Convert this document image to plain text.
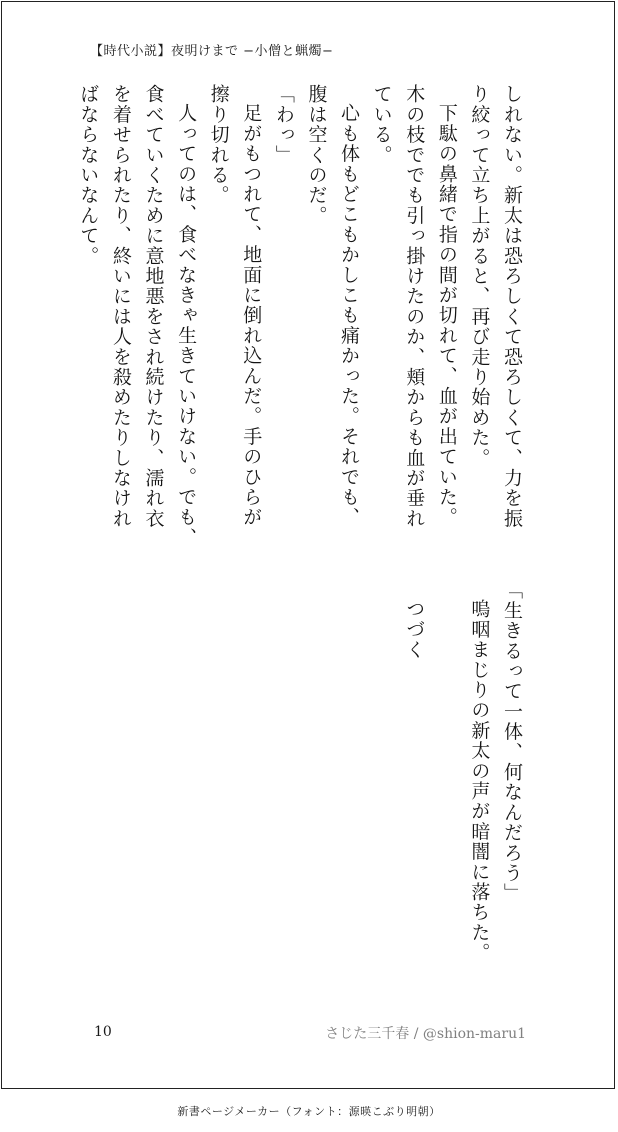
【時代小説】夜明けまで −小僧と蝋燭−
しれない。新太は恐ろしくて恐ろしくて、力を振
り絞って立ち上がると、再び走り始めた。
下駄の鼻緒で指の間が切れて、血が出ていた。
木の枝ででも引っ掛けたのか、頬からも血が垂れ
ている。
心も体もどこもかしこも痛かった。それでも、
腹は空くのだ。
「わっ」
足がもつれて、地面に倒れ込んだ。手のひらが
擦り切れる。
人ってのは、食べなきゃ生きていけない。でも、
食べていくために意地悪をされ続けたり、濡れ衣
を着せられたり、終いには人を殺めたりしなけれ
ばならないなんて。
「生きるって一体、何なんだろう」
嗚咽まじりの新太の声が暗闇に落ちた。
つづく
10	さじた三千春 / @shion-maru1
新書ページメーカー（フォント：源暎こぶり明朝）
